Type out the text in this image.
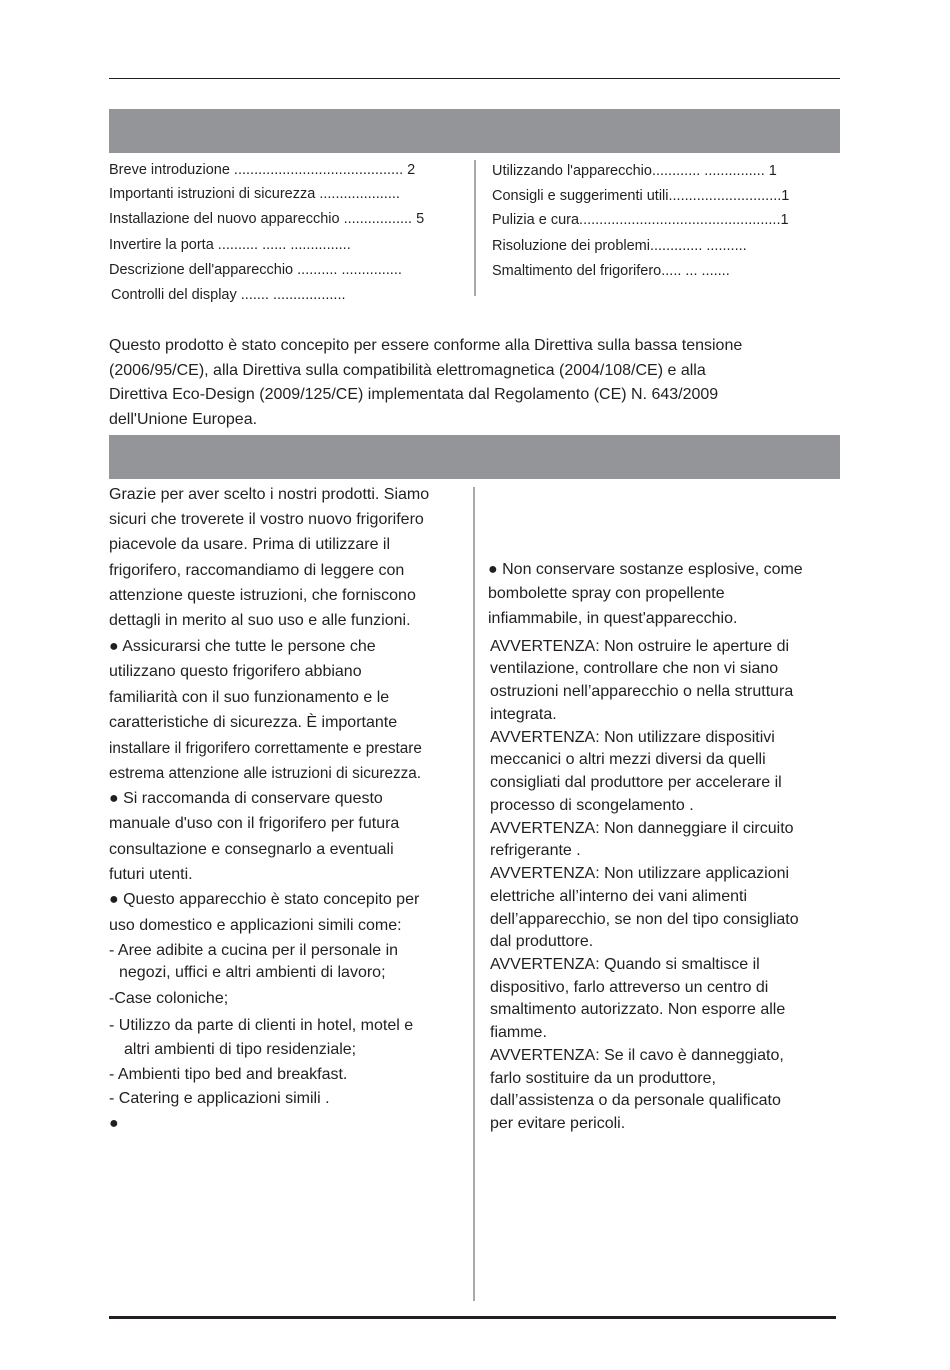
Breve introduzione .......................................... 2
Importanti istruzioni di sicurezza ....................
Installazione del nuovo apparecchio ................. 5
Invertire la porta .......... ...... ...............
Descrizione dell'apparecchio .......... ...............
Controlli del display ....... ..................
Utilizzando l'apparecchio............ ............... 1
Consigli e suggerimenti utili............................1
Pulizia e cura..................................................1
Risoluzione dei problemi............. ..........
Smaltimento del frigorifero..... ... .......
Questo prodotto è stato concepito per essere conforme alla Direttiva sulla bassa tensione
(2006/95/CE), alla Direttiva sulla compatibilità elettromagnetica (2004/108/CE) e alla
Direttiva Eco-Design (2009/125/CE) implementata dal Regolamento (CE) N. 643/2009
dell'Unione Europea.
Grazie per aver scelto i nostri prodotti. Siamo
sicuri che troverete il vostro nuovo frigorifero
piacevole da usare. Prima di utilizzare il
frigorifero, raccomandiamo di leggere con
attenzione queste istruzioni, che forniscono
dettagli in merito al suo uso e alle funzioni.
● Assicurarsi che tutte le persone che
utilizzano questo frigorifero abbiano
familiarità con il suo funzionamento e le
caratteristiche di sicurezza. È importante
installare il frigorifero correttamente e prestare
estrema attenzione alle istruzioni di sicurezza.
● Si raccomanda di conservare questo
manuale d'uso con il frigorifero per futura
consultazione e consegnarlo a eventuali
futuri utenti.
● Questo apparecchio è stato concepito per
uso domestico e applicazioni simili come:
- Aree adibite a cucina per il personale in
negozi, uffici e altri ambienti di lavoro;
-Case coloniche;
- Utilizzo da parte di clienti in hotel, motel e
altri ambienti di tipo residenziale;
- Ambienti tipo bed and breakfast.
- Catering e applicazioni simili .
●
● Non conservare sostanze esplosive, come
bombolette spray con propellente
infiammabile, in quest'apparecchio.
AVVERTENZA: Non ostruire le aperture di
ventilazione, controllare che non vi siano
ostruzioni nell’apparecchio o nella struttura
integrata.
AVVERTENZA: Non utilizzare dispositivi
meccanici o altri mezzi diversi da quelli
consigliati dal produttore per accelerare il
processo di scongelamento .
AVVERTENZA: Non danneggiare il circuito
refrigerante .
AVVERTENZA: Non utilizzare applicazioni
elettriche all’interno dei vani alimenti
dell’apparecchio, se non del tipo consigliato
dal produttore.
AVVERTENZA: Quando si smaltisce il
dispositivo, farlo attreverso un centro di
smaltimento autorizzato. Non esporre alle
fiamme.
AVVERTENZA: Se il cavo è danneggiato,
farlo sostituire da un produttore,
dall’assistenza o da personale qualificato
per evitare pericoli.
